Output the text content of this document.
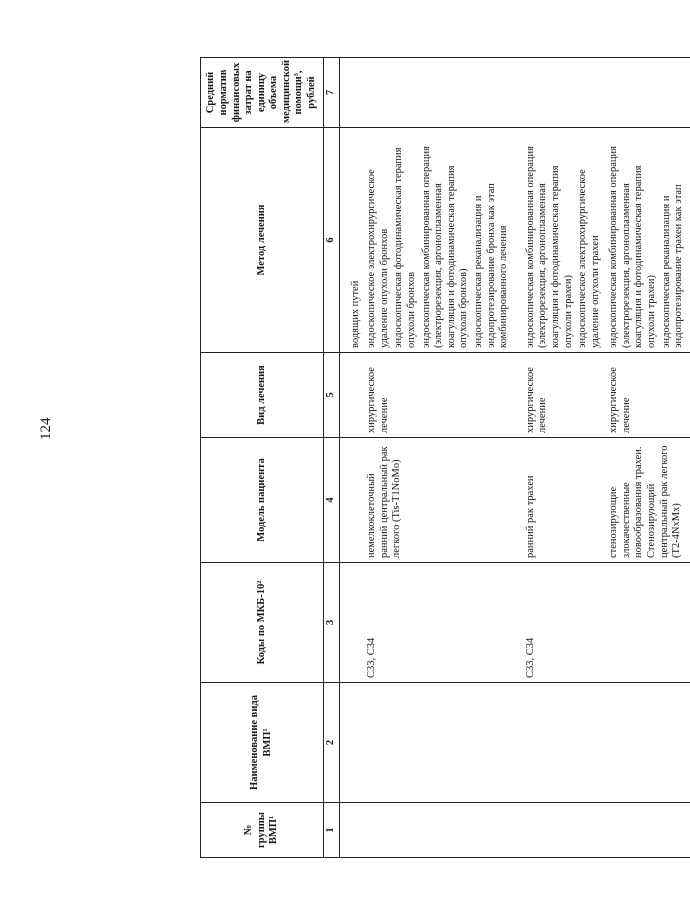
124
№ группы ВМП¹	Наименование вида ВМП¹	Коды по МКБ-10²	Модель пациента	Вид лечения	Метод лечения	Средний норматив финансовых затрат на единицу объема медицинской помощи³, рублей
1	2	3	4	5	6	7

					водящих путей	
		C33, C34	немелкоклеточный ранний центральный рак легкого (Tis-T1NoMo)	хирургическое лечение	эндоскопическое электрохирургическое удаление опухоли бронхов эндоскопическая фотодинамическая терапия опухоли бронхов эндоскопическая комбинированная операция (электрорезекция, аргоноплазменная коагуляция и фотодинамическая терапия опухоли бронхов) эндоскопическая реканализация и эндопротезирование бронха как этап комбинированного лечения	

		C33, C34	ранний рак трахеи	хирургическое лечение	эндоскопическая комбинированная операция (электрорезекция, аргоноплазменная коагуляция и фотодинамическая терапия опухоли трахеи) эндоскопическое электрохирургическое удаление опухоли трахеи	

			стенозирующие злокачественные новообразования трахеи. Стенозирующий центральный рак легкого (T2-4NxMx)	хирургическое лечение	эндоскопическая комбинированная операция (электрорезекция, аргоноплазменная коагуляция и фотодинамическая терапия опухоли трахеи) эндоскопическая реканализация и эндопротезирование трахеи как этап	
